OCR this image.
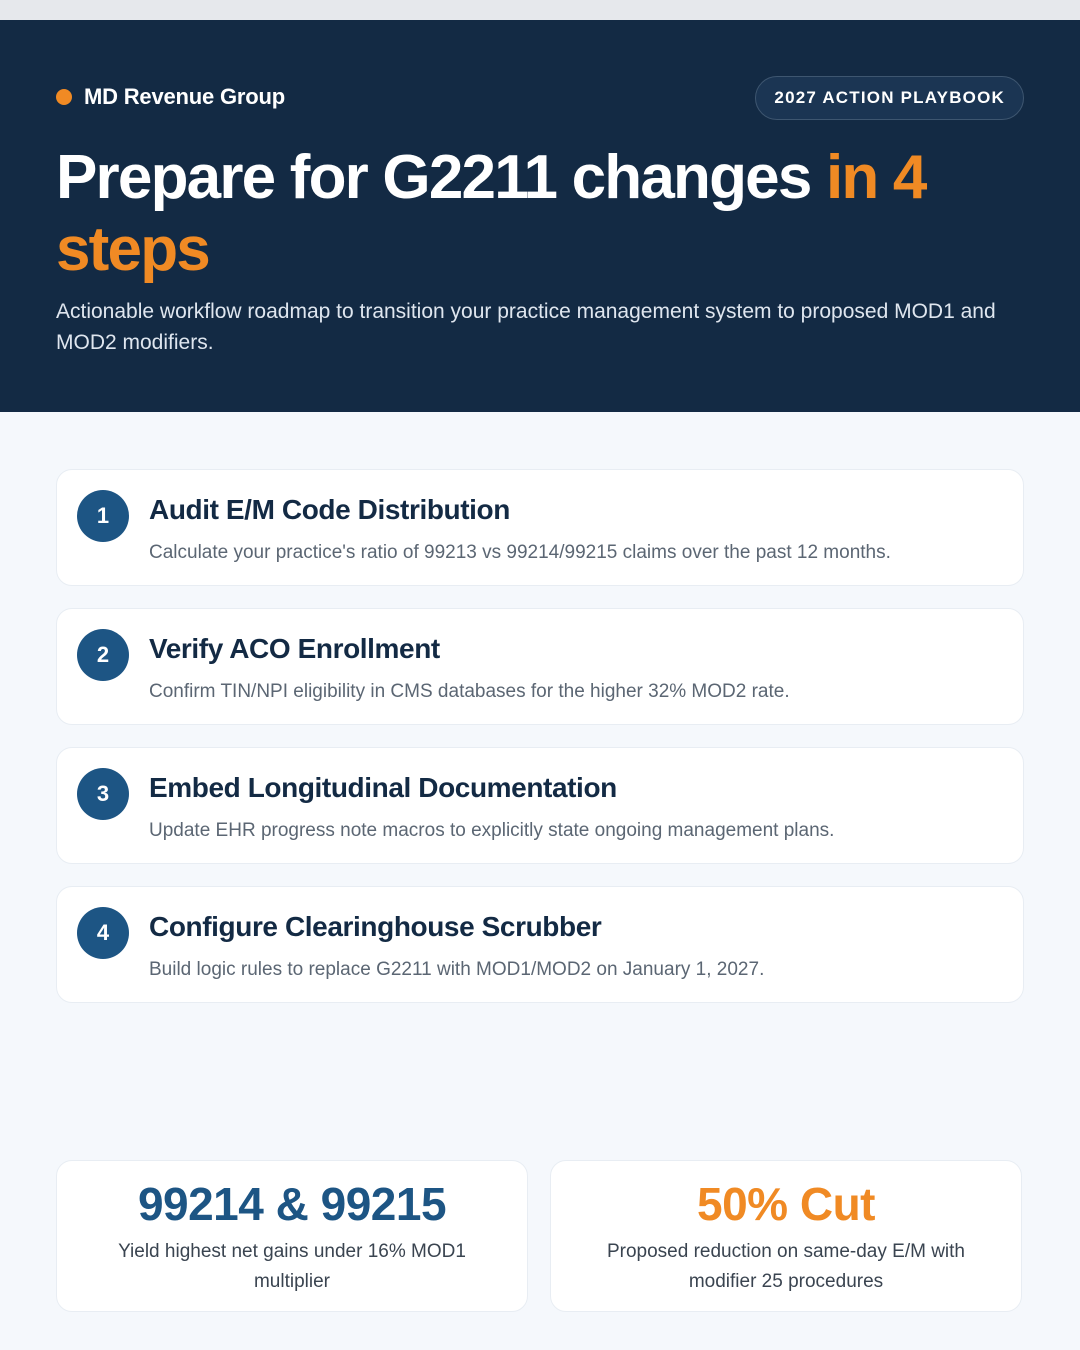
MD Revenue Group	2027 ACTION PLAYBOOK
Prepare for G2211 changes in 4 steps

Actionable workflow roadmap to transition your practice management system to proposed MOD1 and MOD2 modifiers.

1	Audit E/M Code Distribution
Calculate your practice's ratio of 99213 vs 99214/99215 claims over the past 12 months.
2	Verify ACO Enrollment
Confirm TIN/NPI eligibility in CMS databases for the higher 32% MOD2 rate.
3	Embed Longitudinal Documentation
Update EHR progress note macros to explicitly state ongoing management plans.
4	Configure Clearinghouse Scrubber
Build logic rules to replace G2211 with MOD1/MOD2 on January 1, 2027.
99214 & 99215
Yield highest net gains under 16% MOD1 multiplier
50% Cut
Proposed reduction on same-day E/M with modifier 25 procedures
